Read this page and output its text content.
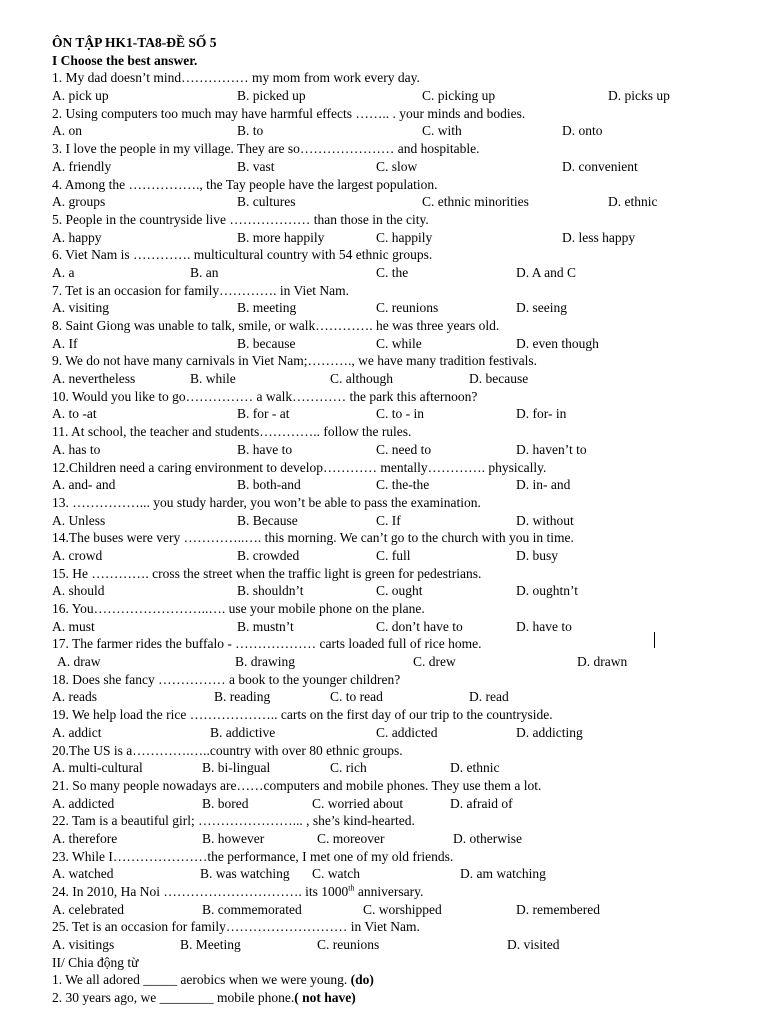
ÔN TẬP HK1-TA8-ĐỀ SỐ 5
I Choose the best answer.
1. My dad doesn’t mind…………… my mom from work every day.
A. pick up	B. picked up	C. picking up	D. picks up
2. Using computers too much may have harmful effects …….. . your minds and bodies.
A. on	B. to	C. with	D. onto
3. I love the people in my village. They are so………………… and hospitable.
A. friendly	B. vast	C. slow	D. convenient
4. Among the ……………., the Tay people have the largest population.
A. groups	B. cultures	C. ethnic minorities	D. ethnic
5. People in the countryside live ……………… than those in the city.
A. happy	B. more happily	C. happily	D. less happy
6. Viet Nam is …………. multicultural country with 54 ethnic groups.
A. a	B. an	C. the	D. A and C
7. Tet is an occasion for family…………. in Viet Nam.
A. visiting	B. meeting	C. reunions	D. seeing
8. Saint Giong was unable to talk, smile, or walk…………. he was three years old.
A. If	B. because	C. while	D. even though
9. We do not have many carnivals in Viet Nam;………., we have many tradition festivals.
A. nevertheless	B. while	C. although	D. because
10. Would you like to go…………… a walk………… the park this afternoon?
A. to -at	B. for - at	C. to - in	D. for- in
11. At school, the teacher and students………….. follow the rules.
A. has to	B. have to	C. need to	D. haven’t to
12.Children need a caring environment to develop………… mentally…………. physically.
A. and- and	B. both-and	C. the-the	D. in- and
13. ……………... you study harder, you won’t be able to pass the examination.
A. Unless	B. Because	C. If	D. without
14.The buses were very …………..…. this morning. We can’t go to the church with you in time.
A. crowd	B. crowded	C. full	D. busy
15. He …………. cross the street when the traffic light is green for pedestrians.
A. should	B. shouldn’t	C. ought	D. oughtn’t
16. You……………………..…. use your mobile phone on the plane.
A. must	B. mustn’t	C. don’t have to	D. have to
17. The farmer rides the buffalo - ……………… carts loaded full of rice home.
A. draw	B. drawing	C. drew	D. drawn
18. Does she fancy …………… a book to the younger children?
A. reads	B. reading	C. to read	D. read
19. We help load the rice ……………….. carts on the first day of our trip to the countryside.
A. addict	B. addictive	C. addicted	D. addicting
20.The US is a………….…..country with over 80 ethnic groups.
A. multi-cultural	B. bi-lingual	C. rich	D. ethnic
21. So many people nowadays are……computers and mobile phones. They use them a lot.
A. addicted	B. bored	C. worried about	D. afraid of
22. Tam is a beautiful girl; …………………... , she’s kind-hearted.
A. therefore	B. however	C. moreover	D. otherwise
23. While I…………………the performance, I met one of my old friends.
A. watched	B. was watching C. watch	D. am watching
24. In 2010, Ha Noi …………………………. its 1000th anniversary.
A. celebrated	B. commemorated	C. worshipped	D. remembered
25. Tet is an occasion for family……………………… in Viet Nam.
A. visitings	B. Meeting	C. reunions	D. visited
II/ Chia động từ
1. We all adored _____ aerobics when we were young. (do)
2. 30 years ago, we ________ mobile phone.( not have)
